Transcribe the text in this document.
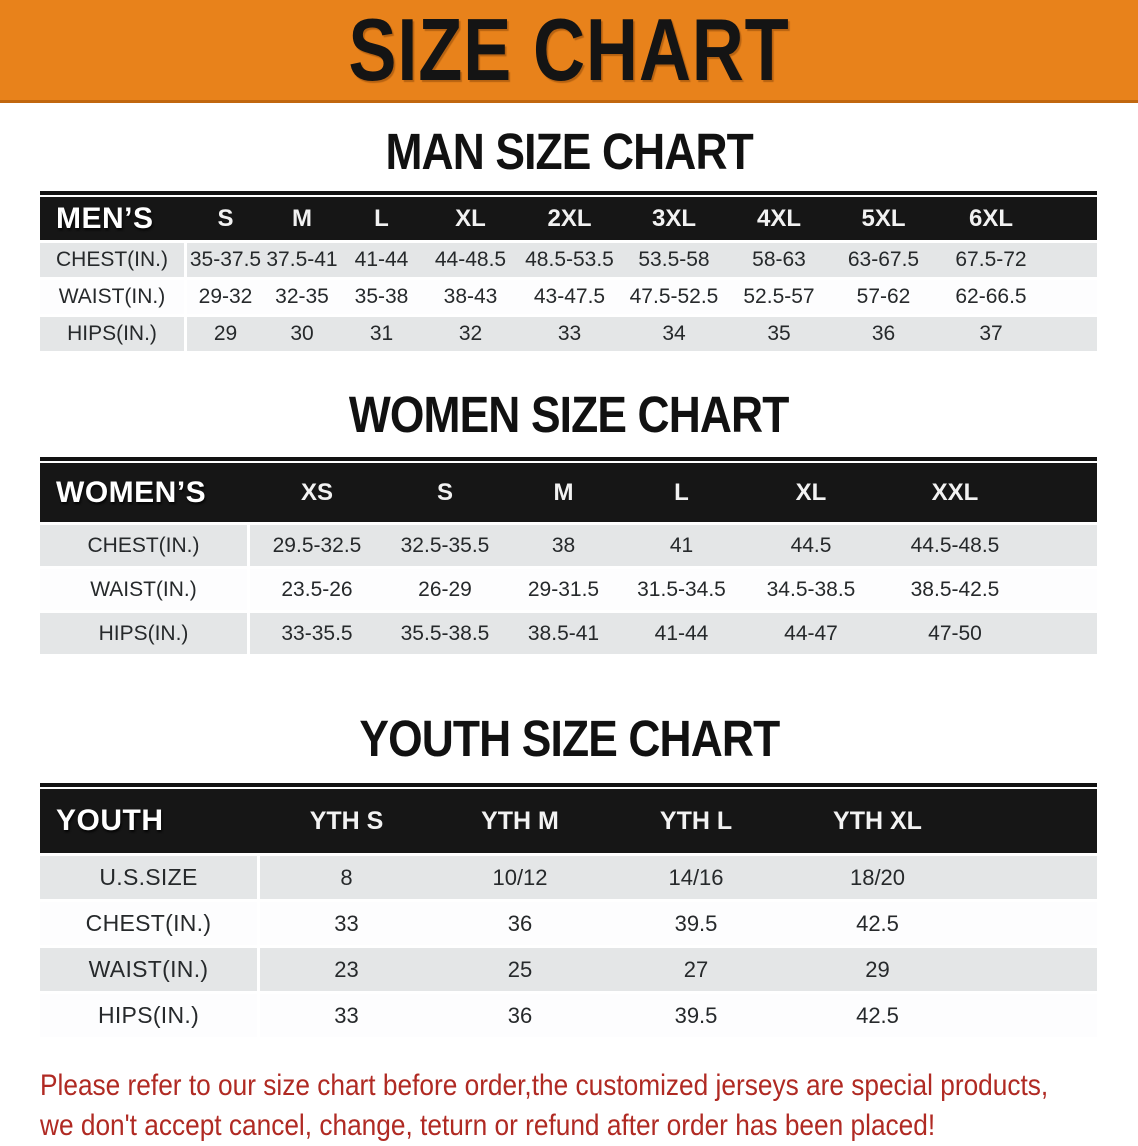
SIZE CHART
MAN SIZE CHART
MEN’S	S	M	L	XL	2XL	3XL	4XL	5XL	6XL	
CHEST(IN.)	35-37.5	37.5-41	41-44	44-48.5	48.5-53.5	53.5-58	58-63	63-67.5	67.5-72	
WAIST(IN.)	29-32	32-35	35-38	38-43	43-47.5	47.5-52.5	52.5-57	57-62	62-66.5	
HIPS(IN.)	29	30	31	32	33	34	35	36	37	
WOMEN SIZE CHART
WOMEN’S	XS	S	M	L	XL	XXL	
CHEST(IN.)	29.5-32.5	32.5-35.5	38	41	44.5	44.5-48.5	
WAIST(IN.)	23.5-26	26-29	29-31.5	31.5-34.5	34.5-38.5	38.5-42.5	
HIPS(IN.)	33-35.5	35.5-38.5	38.5-41	41-44	44-47	47-50	
YOUTH SIZE CHART
YOUTH	YTH S	YTH M	YTH L	YTH XL	
U.S.SIZE	8	10/12	14/16	18/20	
CHEST(IN.)	33	36	39.5	42.5	
WAIST(IN.)	23	25	27	29	
HIPS(IN.)	33	36	39.5	42.5	

Please refer to our size chart before order,the customized jerseys are special products,
we don't accept cancel, change, teturn or refund after order has been placed!
